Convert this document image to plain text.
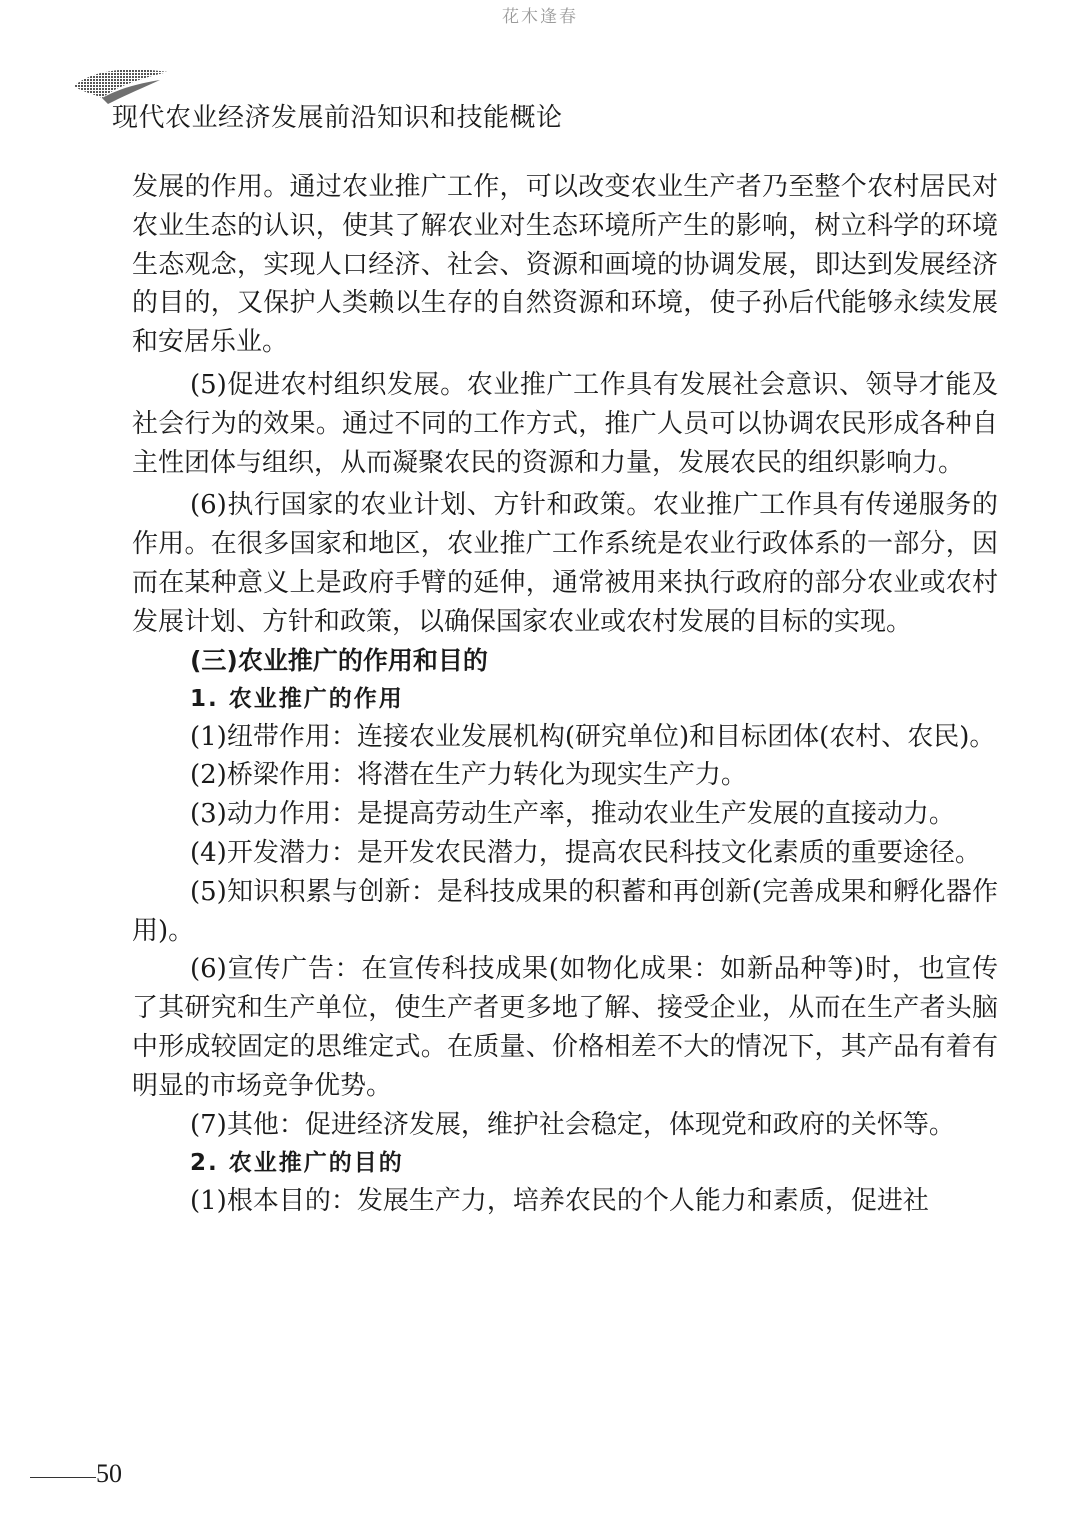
花木逢春
现代农业经济发展前沿知识和技能概论

发展的作用。通过农业推广工作，可以改变农业生产者乃至整个农村居民对农业生态的认识，使其了解农业对生态环境所产生的影响，树立科学的环境生态观念，实现人口经济、社会、资源和画境的协调发展，即达到发展经济的目的，又保护人类赖以生存的自然资源和环境，使子孙后代能够永续发展和安居乐业。

(5)促进农村组织发展。农业推广工作具有发展社会意识、领导才能及社会行为的效果。通过不同的工作方式，推广人员可以协调农民形成各种自主性团体与组织，从而凝聚农民的资源和力量，发展农民的组织影响力。

(6)执行国家的农业计划、方针和政策。农业推广工作具有传递服务的作用。在很多国家和地区，农业推广工作系统是农业行政体系的一部分，因而在某种意义上是政府手臂的延伸，通常被用来执行政府的部分农业或农村发展计划、方针和政策，以确保国家农业或农村发展的目标的实现。

(三)农业推广的作用和目的

1. 农业推广的作用

(1)纽带作用：连接农业发展机构(研究单位)和目标团体(农村、农民)。

(2)桥梁作用：将潜在生产力转化为现实生产力。

(3)动力作用：是提高劳动生产率，推动农业生产发展的直接动力。

(4)开发潜力：是开发农民潜力，提高农民科技文化素质的重要途径。

(5)知识积累与创新：是科技成果的积蓄和再创新(完善成果和孵化器作用)。

(6)宣传广告：在宣传科技成果(如物化成果：如新品种等)时，也宣传了其研究和生产单位，使生产者更多地了解、接受企业，从而在生产者头脑中形成较固定的思维定式。在质量、价格相差不大的情况下，其产品有着有明显的市场竞争优势。

(7)其他：促进经济发展，维护社会稳定，体现党和政府的关怀等。

2. 农业推广的目的

(1)根本目的：发展生产力，培养农民的个人能力和素质，促进社

50
